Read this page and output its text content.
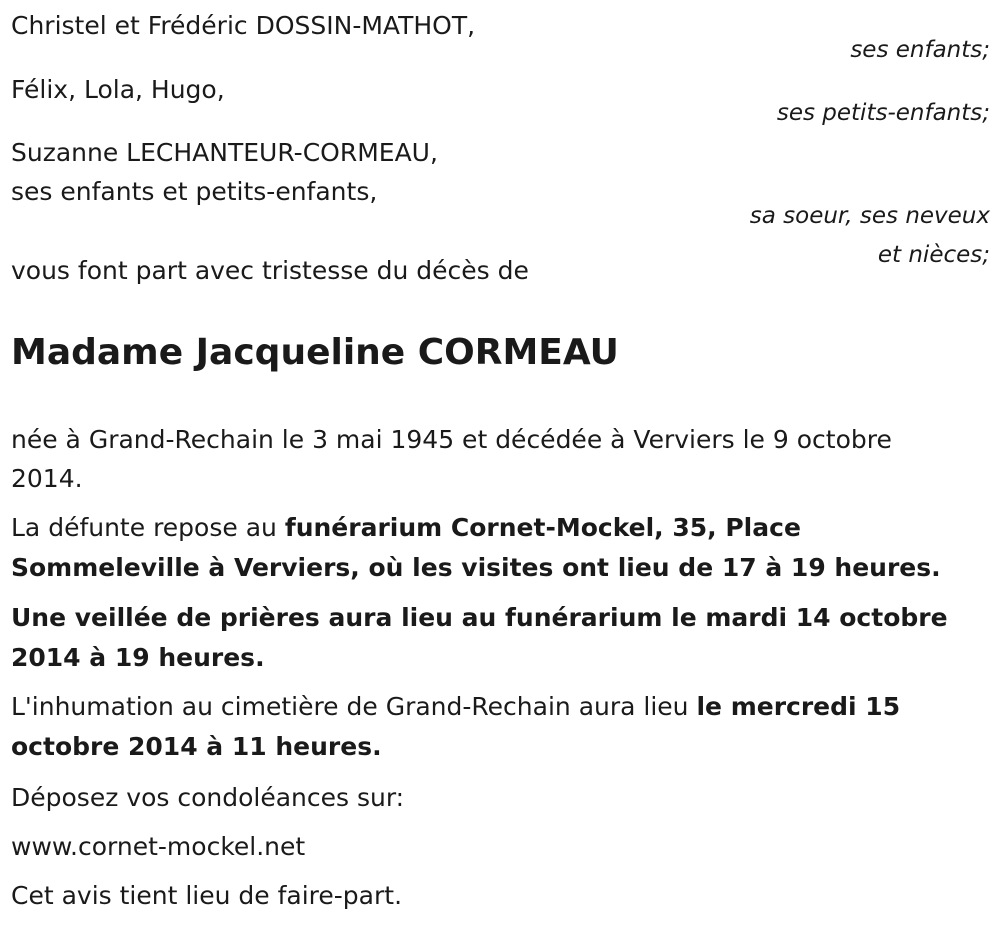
Christel et Frédéric DOSSIN-MATHOT,

ses enfants;

Félix, Lola, Hugo,

ses petits-enfants;

Suzanne LECHANTEUR-CORMEAU,

ses enfants et petits-enfants,

sa soeur, ses neveux

et nièces;

vous font part avec tristesse du décès de

Madame Jacqueline CORMEAU

née à Grand-Rechain le 3 mai 1945 et décédée à Verviers le 9 octobre

2014.

La défunte repose au funérarium Cornet-Mockel, 35, Place

Sommeleville à Verviers, où les visites ont lieu de 17 à 19 heures.

Une veillée de prières aura lieu au funérarium le mardi 14 octobre

2014 à 19 heures.

L'inhumation au cimetière de Grand-Rechain aura lieu le mercredi 15

octobre 2014 à 11 heures.

Déposez vos condoléances sur:

www.cornet-mockel.net

Cet avis tient lieu de faire-part.
